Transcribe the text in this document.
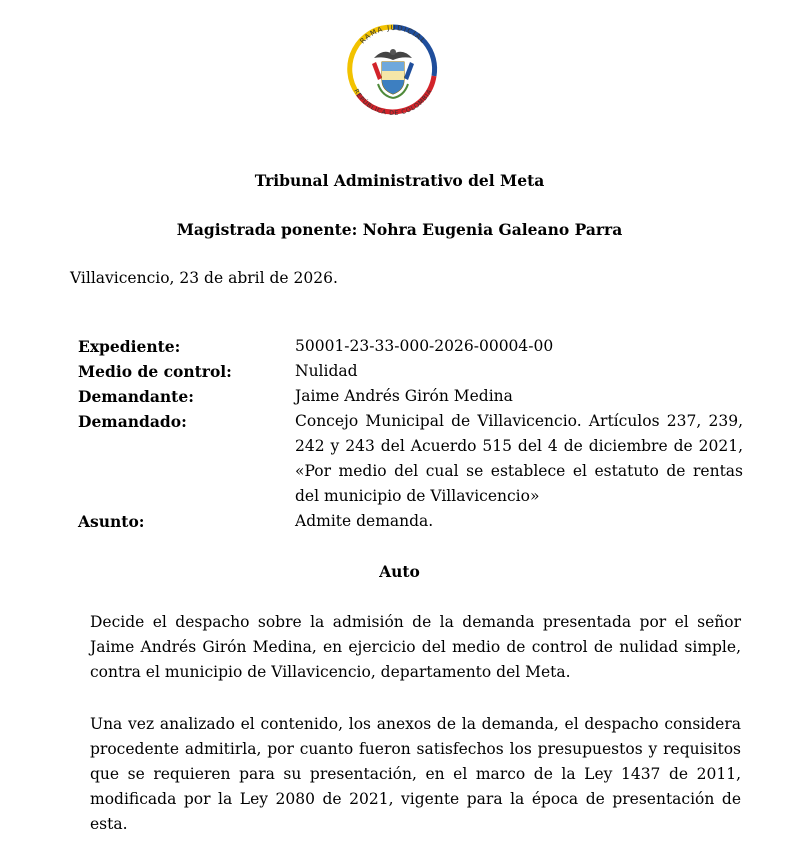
RAMA JUDICIAL
REPÚBLICA DE COLOMBIA
Tribunal Administrativo del Meta
Magistrada ponente: Nohra Eugenia Galeano Parra
Villavicencio, 23 de abril de 2026.
Expediente:	50001-23-33-000-2026-00004-00
Medio de control:	Nulidad
Demandante:	Jaime Andrés Girón Medina
Demandado:	Concejo Municipal de Villavicencio. Artículos 237, 239, 242 y 243 del Acuerdo 515 del 4 de diciembre de 2021, «Por medio del cual se establece el estatuto de rentas del municipio de Villavicencio»
Asunto:	Admite demanda.
Auto

Decide el despacho sobre la admisión de la demanda presentada por el señor Jaime Andrés Girón Medina, en ejercicio del medio de control de nulidad simple, contra el municipio de Villavicencio, departamento del Meta.

Una vez analizado el contenido, los anexos de la demanda, el despacho considera procedente admitirla, por cuanto fueron satisfechos los presupuestos y requisitos que se requieren para su presentación, en el marco de la Ley 1437 de 2011, modificada por la Ley 2080 de 2021, vigente para la época de presentación de esta.
